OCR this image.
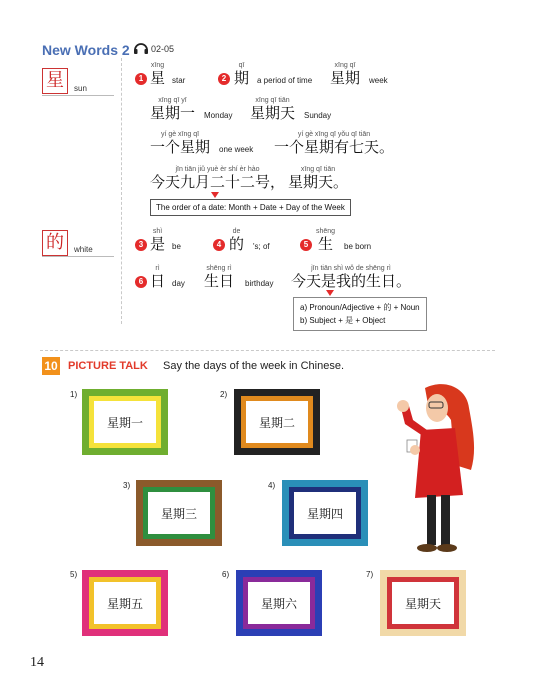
New Words 2 02-05
星	sun
的	white
1
xīng
星 star	2
qī
期 a period of time
xīng qī
星期 week
xīng qī yī
星期一 Monday
xīng qī tiān
星期天 Sunday
yí gè xīng qī
一个星期 one week
yí gè xīng qī yǒu qī tiān
一个星期有七天。
jīn tiān jiǔ yuè èr shí èr hào
今天九月二十二号，
xīng qī tiān
星期天。
The order of a date: Month + Date + Day of the Week
3
shì
是 be	4
de
的 's; of	5
shēng
生 be born
6
rì
日 day
shēng rì
生日 birthday
jīn tiān shì wǒ de shēng rì
今天是我的生日。
a) Pronoun/Adjective + 的 + Noun
b) Subject + 是 + Object
10 PICTURE TALK Say the days of the week in Chinese.
1)
星期一
2)
星期二
3)
星期三
4)
星期四
5)
星期五
6)
星期六
7)
星期天
14
